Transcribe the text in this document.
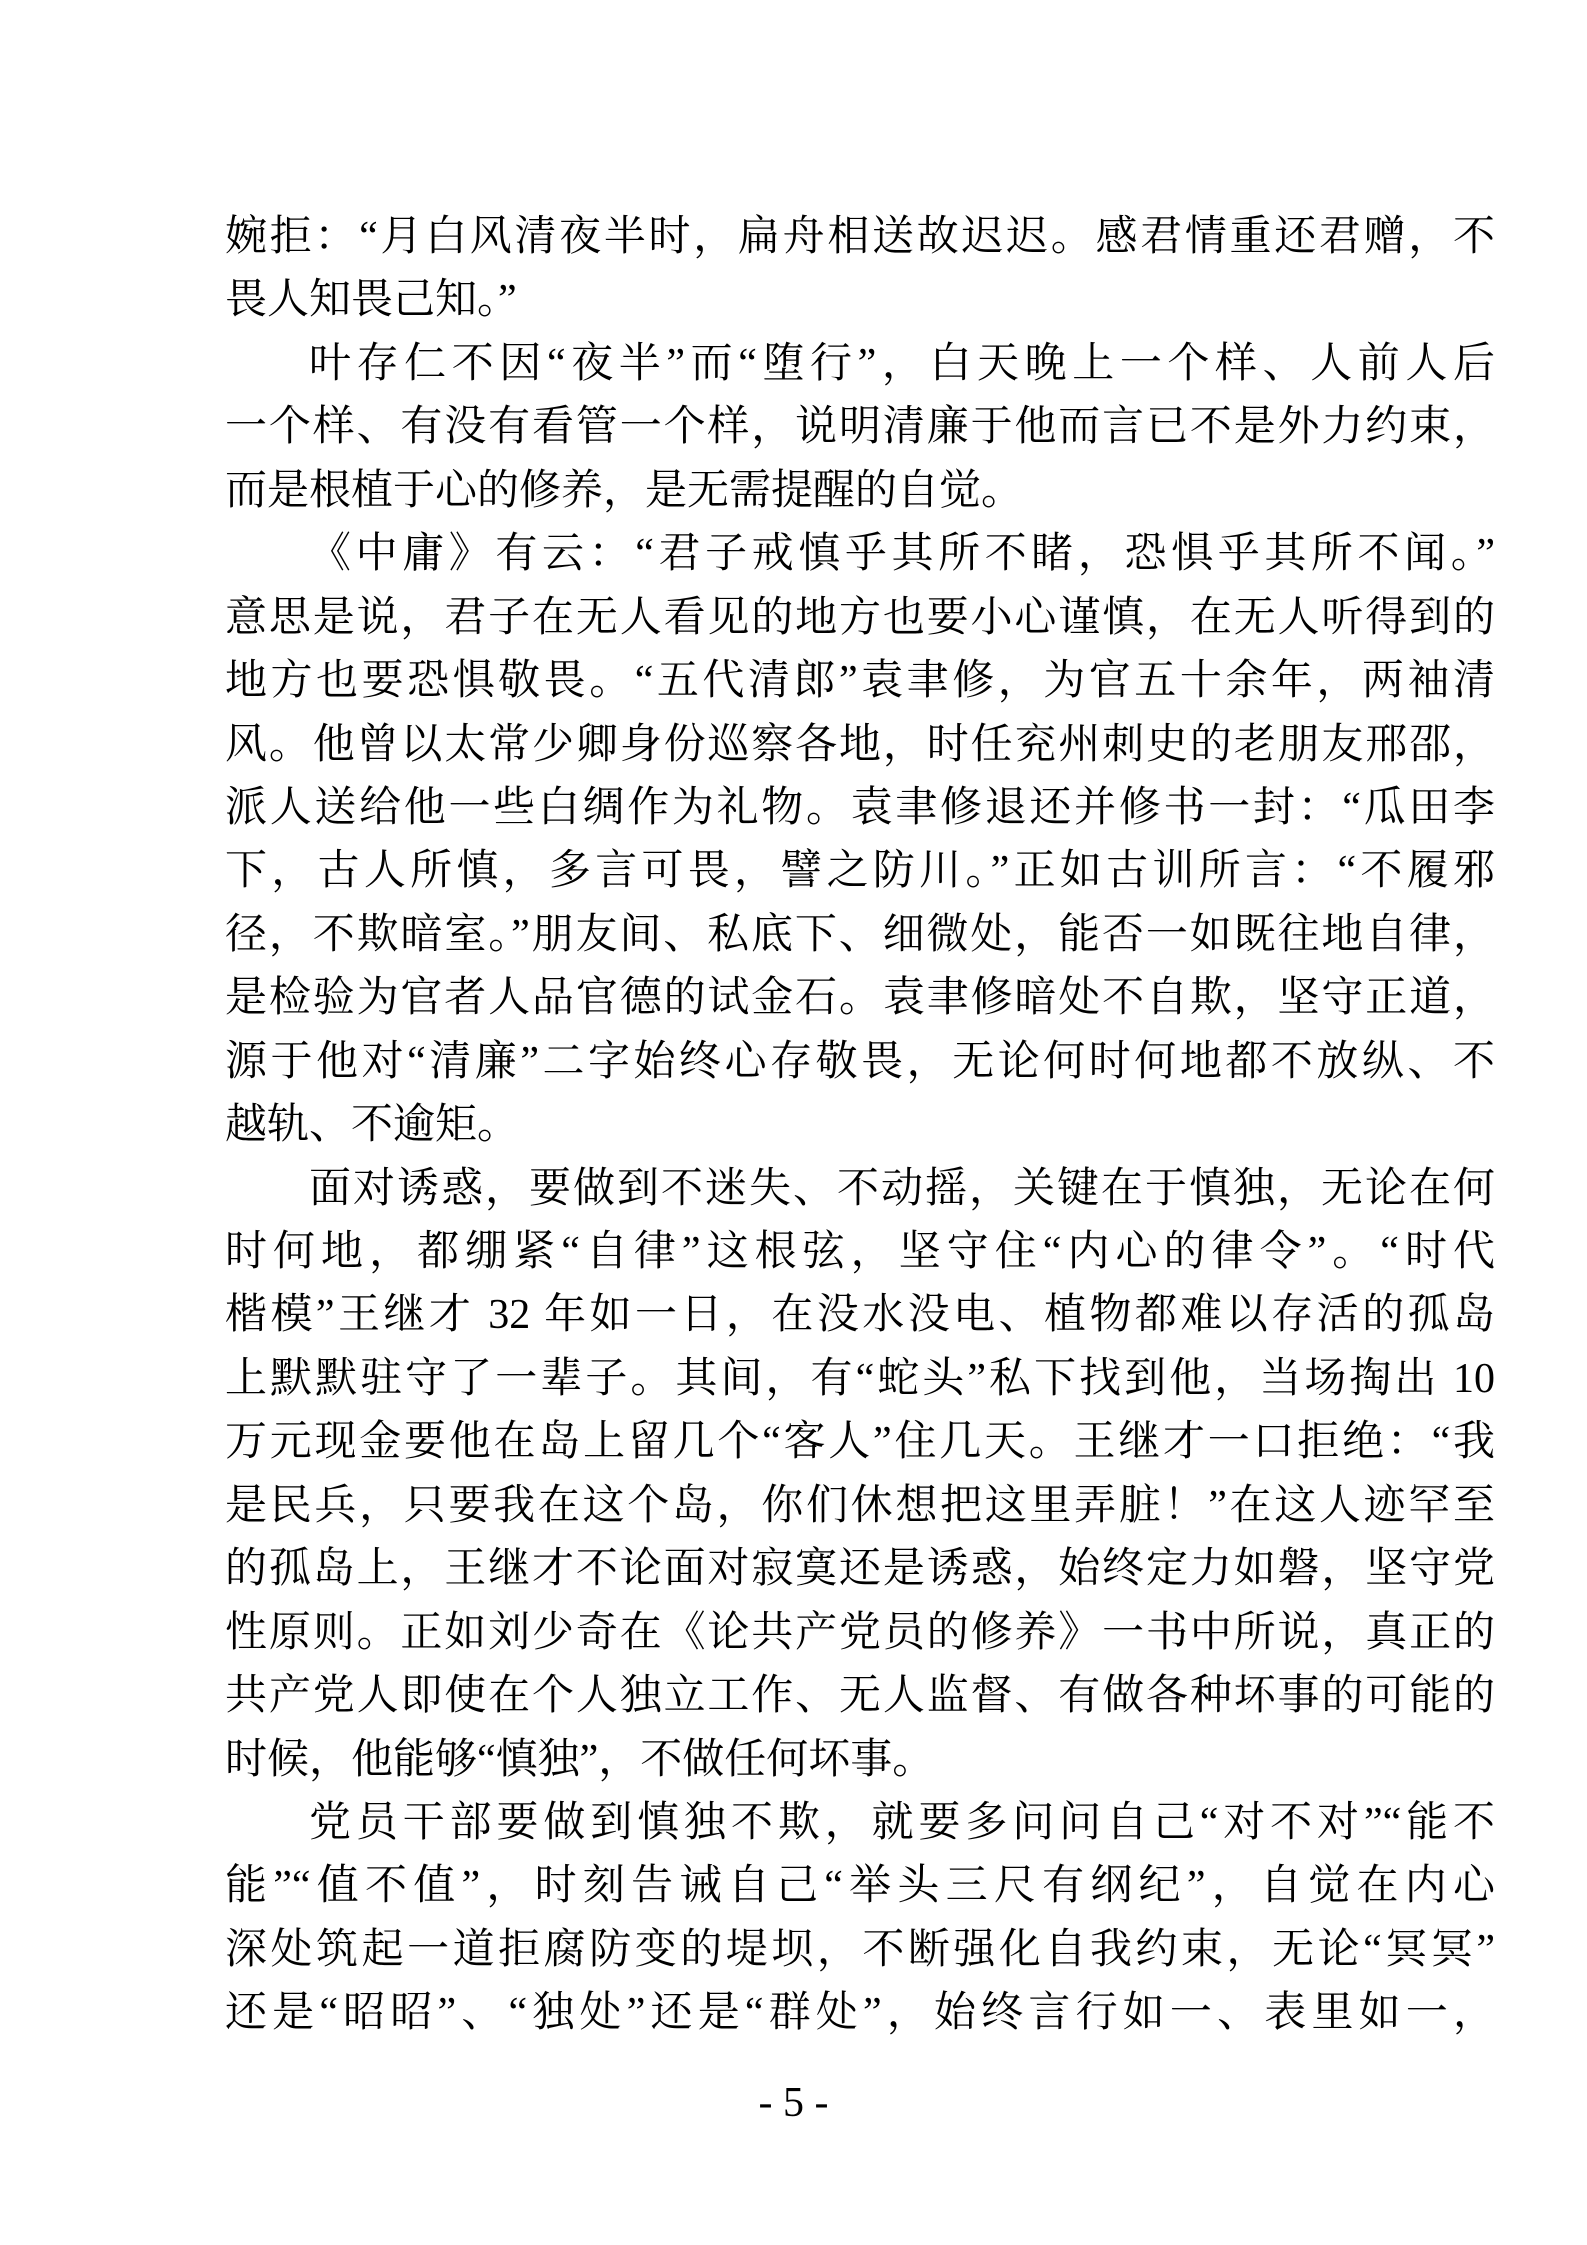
婉拒：“月白风清夜半时，扁舟相送故迟迟。感君情重还君赠，不
畏人知畏己知。”
叶存仁不因“夜半”而“堕行”，白天晚上一个样、人前人后
一个样、有没有看管一个样，说明清廉于他而言已不是外力约束，
而是根植于心的修养，是无需提醒的自觉。
《中庸》有云：“君子戒慎乎其所不睹，恐惧乎其所不闻。”
意思是说，君子在无人看见的地方也要小心谨慎，在无人听得到的
地方也要恐惧敬畏。“五代清郎”袁聿修，为官五十余年，两袖清
风。他曾以太常少卿身份巡察各地，时任兖州刺史的老朋友邢邵，
派人送给他一些白绸作为礼物。袁聿修退还并修书一封：“瓜田李
下，古人所慎，多言可畏，譬之防川。”正如古训所言：“不履邪
径，不欺暗室。”朋友间、私底下、细微处，能否一如既往地自律，
是检验为官者人品官德的试金石。袁聿修暗处不自欺，坚守正道，
源于他对“清廉”二字始终心存敬畏，无论何时何地都不放纵、不
越轨、不逾矩。
面对诱惑，要做到不迷失、不动摇，关键在于慎独，无论在何
时何地，都绷紧“自律”这根弦，坚守住“内心的律令”。“时代
楷模”王继才 32 年如一日，在没水没电、植物都难以存活的孤岛
上默默驻守了一辈子。其间，有“蛇头”私下找到他，当场掏出 10
万元现金要他在岛上留几个“客人”住几天。王继才一口拒绝：“我
是民兵，只要我在这个岛，你们休想把这里弄脏！”在这人迹罕至
的孤岛上，王继才不论面对寂寞还是诱惑，始终定力如磐，坚守党
性原则。正如刘少奇在《论共产党员的修养》一书中所说，真正的
共产党人即使在个人独立工作、无人监督、有做各种坏事的可能的
时候，他能够“慎独”，不做任何坏事。
党员干部要做到慎独不欺，就要多问问自己“对不对”“能不
能”“值不值”，时刻告诫自己“举头三尺有纲纪”，自觉在内心
深处筑起一道拒腐防变的堤坝，不断强化自我约束，无论“冥冥”
还是“昭昭”、“独处”还是“群处”，始终言行如一、表里如一，
- 5 -
